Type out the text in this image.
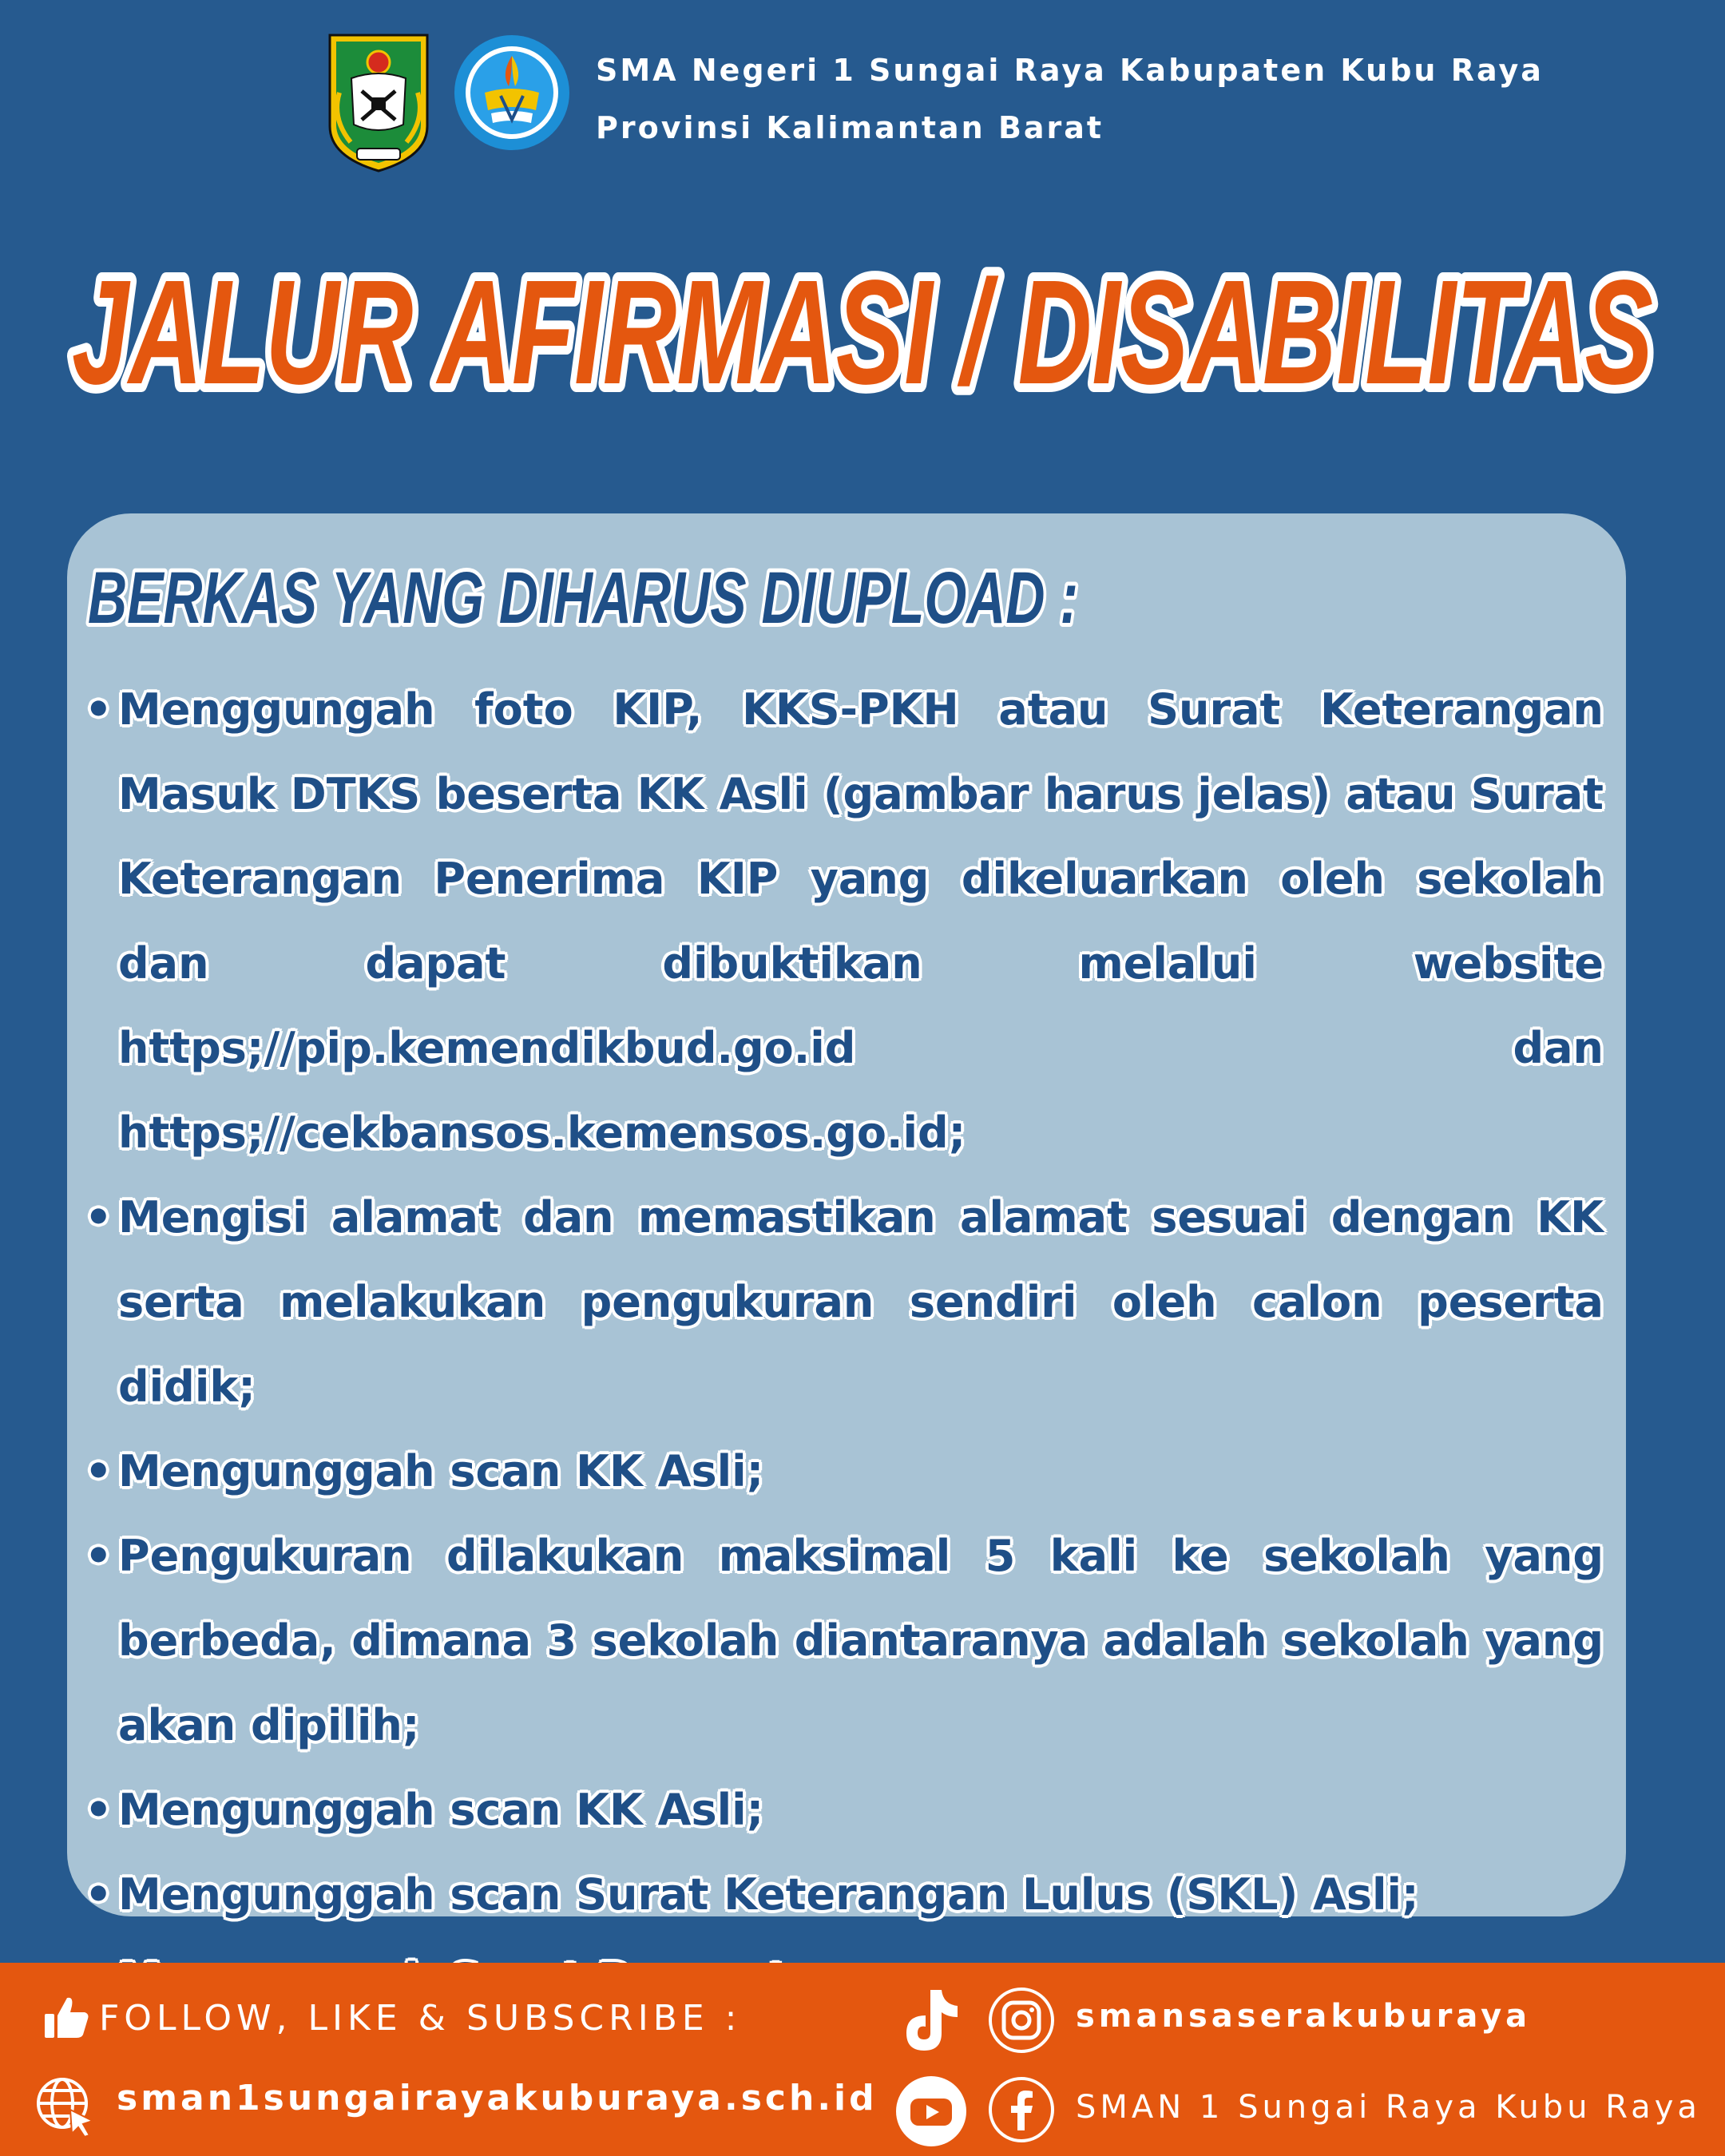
SMA Negeri 1 Sungai Raya Kabupaten Kubu Raya
Provinsi Kalimantan Barat
JALUR AFIRMASI / DISABILITAS
BERKAS YANG DIHARUS DIUPLOAD :
• Menggungah foto KIP, KKS-PKH atau Surat Keterangan Masuk DTKS beserta KK Asli (gambar harus jelas) atau Surat Keterangan Penerima KIP yang dikeluarkan oleh sekolah dan dapat dibuktikan melalui website https;//pip.kemendikbud.go.id dan https;//cekbansos.kemensos.go.id;
• Mengisi alamat dan memastikan alamat sesuai dengan KK serta melakukan pengukuran sendiri oleh calon peserta didik;
• Mengunggah scan KK Asli;
• Pengukuran dilakukan maksimal 5 kali ke sekolah yang berbeda, dimana 3 sekolah diantaranya adalah sekolah yang akan dipilih;
• Mengunggah scan KK Asli;
• Mengunggah scan Surat Keterangan Lulus (SKL) Asli;
FOLLOW, LIKE & SUBSCRIBE :
sman1sungairayakuburaya.sch.id
smansaserakuburaya
SMAN 1 Sungai Raya Kubu Raya
